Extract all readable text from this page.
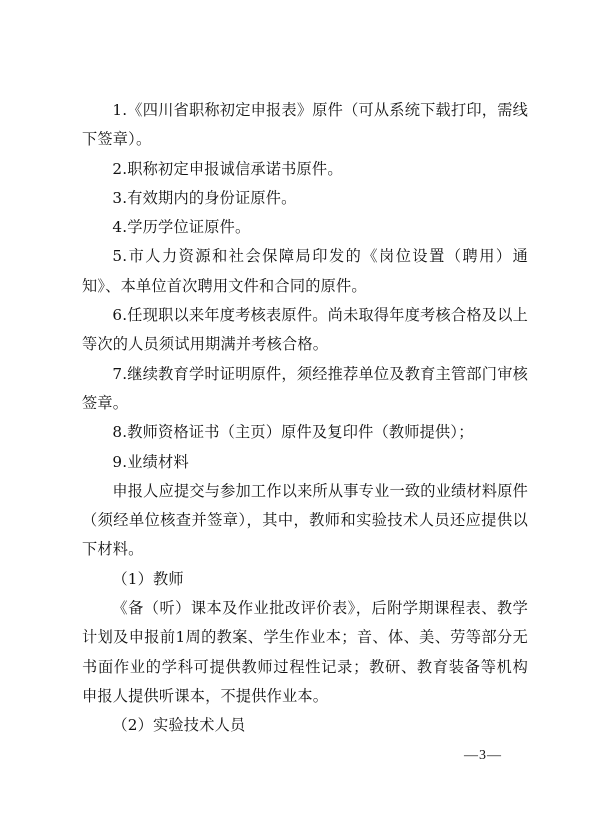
1.《四川省职称初定申报表》原件（可从系统下载打印，需线下签章）。

2.职称初定申报诚信承诺书原件。

3.有效期内的身份证原件。

4.学历学位证原件。

5.市人力资源和社会保障局印发的《岗位设置（聘用）通知》、本单位首次聘用文件和合同的原件。

6.任现职以来年度考核表原件。尚未取得年度考核合格及以上等次的人员须试用期满并考核合格。

7.继续教育学时证明原件，须经推荐单位及教育主管部门审核签章。

8.教师资格证书（主页）原件及复印件（教师提供）；

9.业绩材料

申报人应提交与参加工作以来所从事专业一致的业绩材料原件（须经单位核查并签章），其中，教师和实验技术人员还应提供以下材料。

（1）教师

《备（听）课本及作业批改评价表》，后附学期课程表、教学计划及申报前1周的教案、学生作业本；音、体、美、劳等部分无书面作业的学科可提供教师过程性记录；教研、教育装备等机构申报人提供听课本，不提供作业本。

（2）实验技术人员

—3—
